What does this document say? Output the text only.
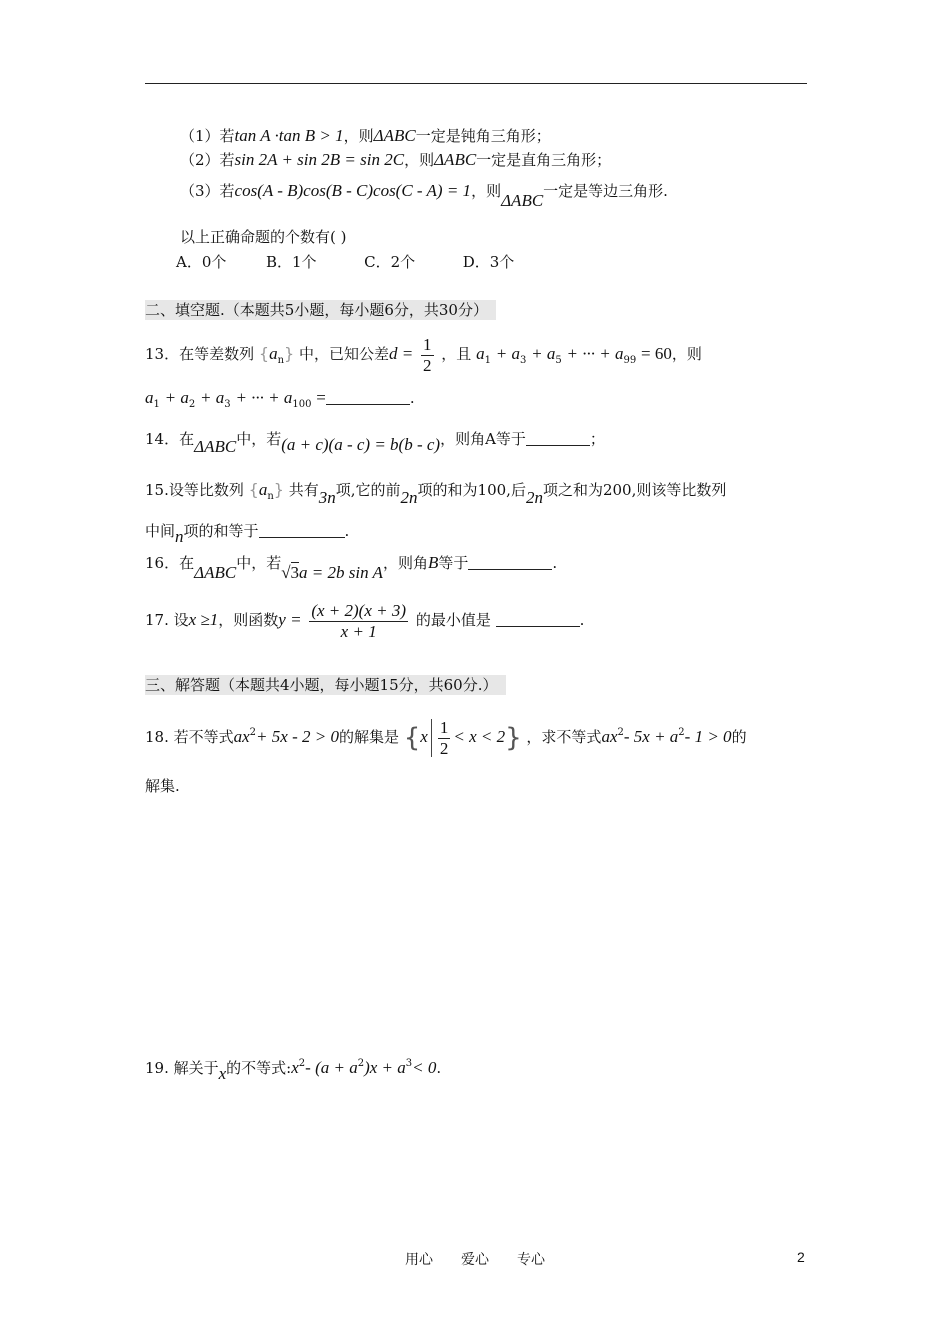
（1）若tan A ·tan B > 1，则ΔABC一定是钝角三角形；
（2）若sin 2A + sin 2B = sin 2C，则ΔABC一定是直角三角形；
（3）若cos(A - B)cos(B - C)cos(C - A) = 1，则ΔABC一定是等边三角形.
以上正确命题的个数有( )
A．0个	B．1个	C．2个	D．3个
二、填空题.（本题共5小题，每小题6分，共30分）
13．在等差数列 $\{a_n\}$ 中，已知公差$d = \frac{1}{2}$ ，且 $a_1 + a_3 + a_5$ + ··· + $a_{99} = 60$，则
$a_1 + a_2 + a_3$ + ··· + $a_{100}$ =	.
14．在ΔABC中，若(a + c)(a - c) = b(b - c)，则角A等于	；
15.设等比数列 $\{a_n\}$ 共有3n项,它的前2n项的和为100,后2n项之和为200,则该等比数列
中间n项的和等于	.
16．在ΔABC中，若√3a = 2b sin A，则角B等于	.
17. 设x ≥1，则函数$y = \frac{(x + 2)(x + 3)}{x + 1}$ 的最小值是	.
三、解答题（本题共4小题，每小题15分，共60分.）
18. 若不等式$ax^2+ 5x - 2 > 0$的解集是 $\{x \frac{1}{2} < x < 2\}$ ，求不等式$ax^2-$ $5x + a^2-$ 1 > 0的
解集.
19. 解关于x的不等式$:x^2-$ $(a + a^2)x + a^3< 0$.
用心　　爱心　　专心	2
